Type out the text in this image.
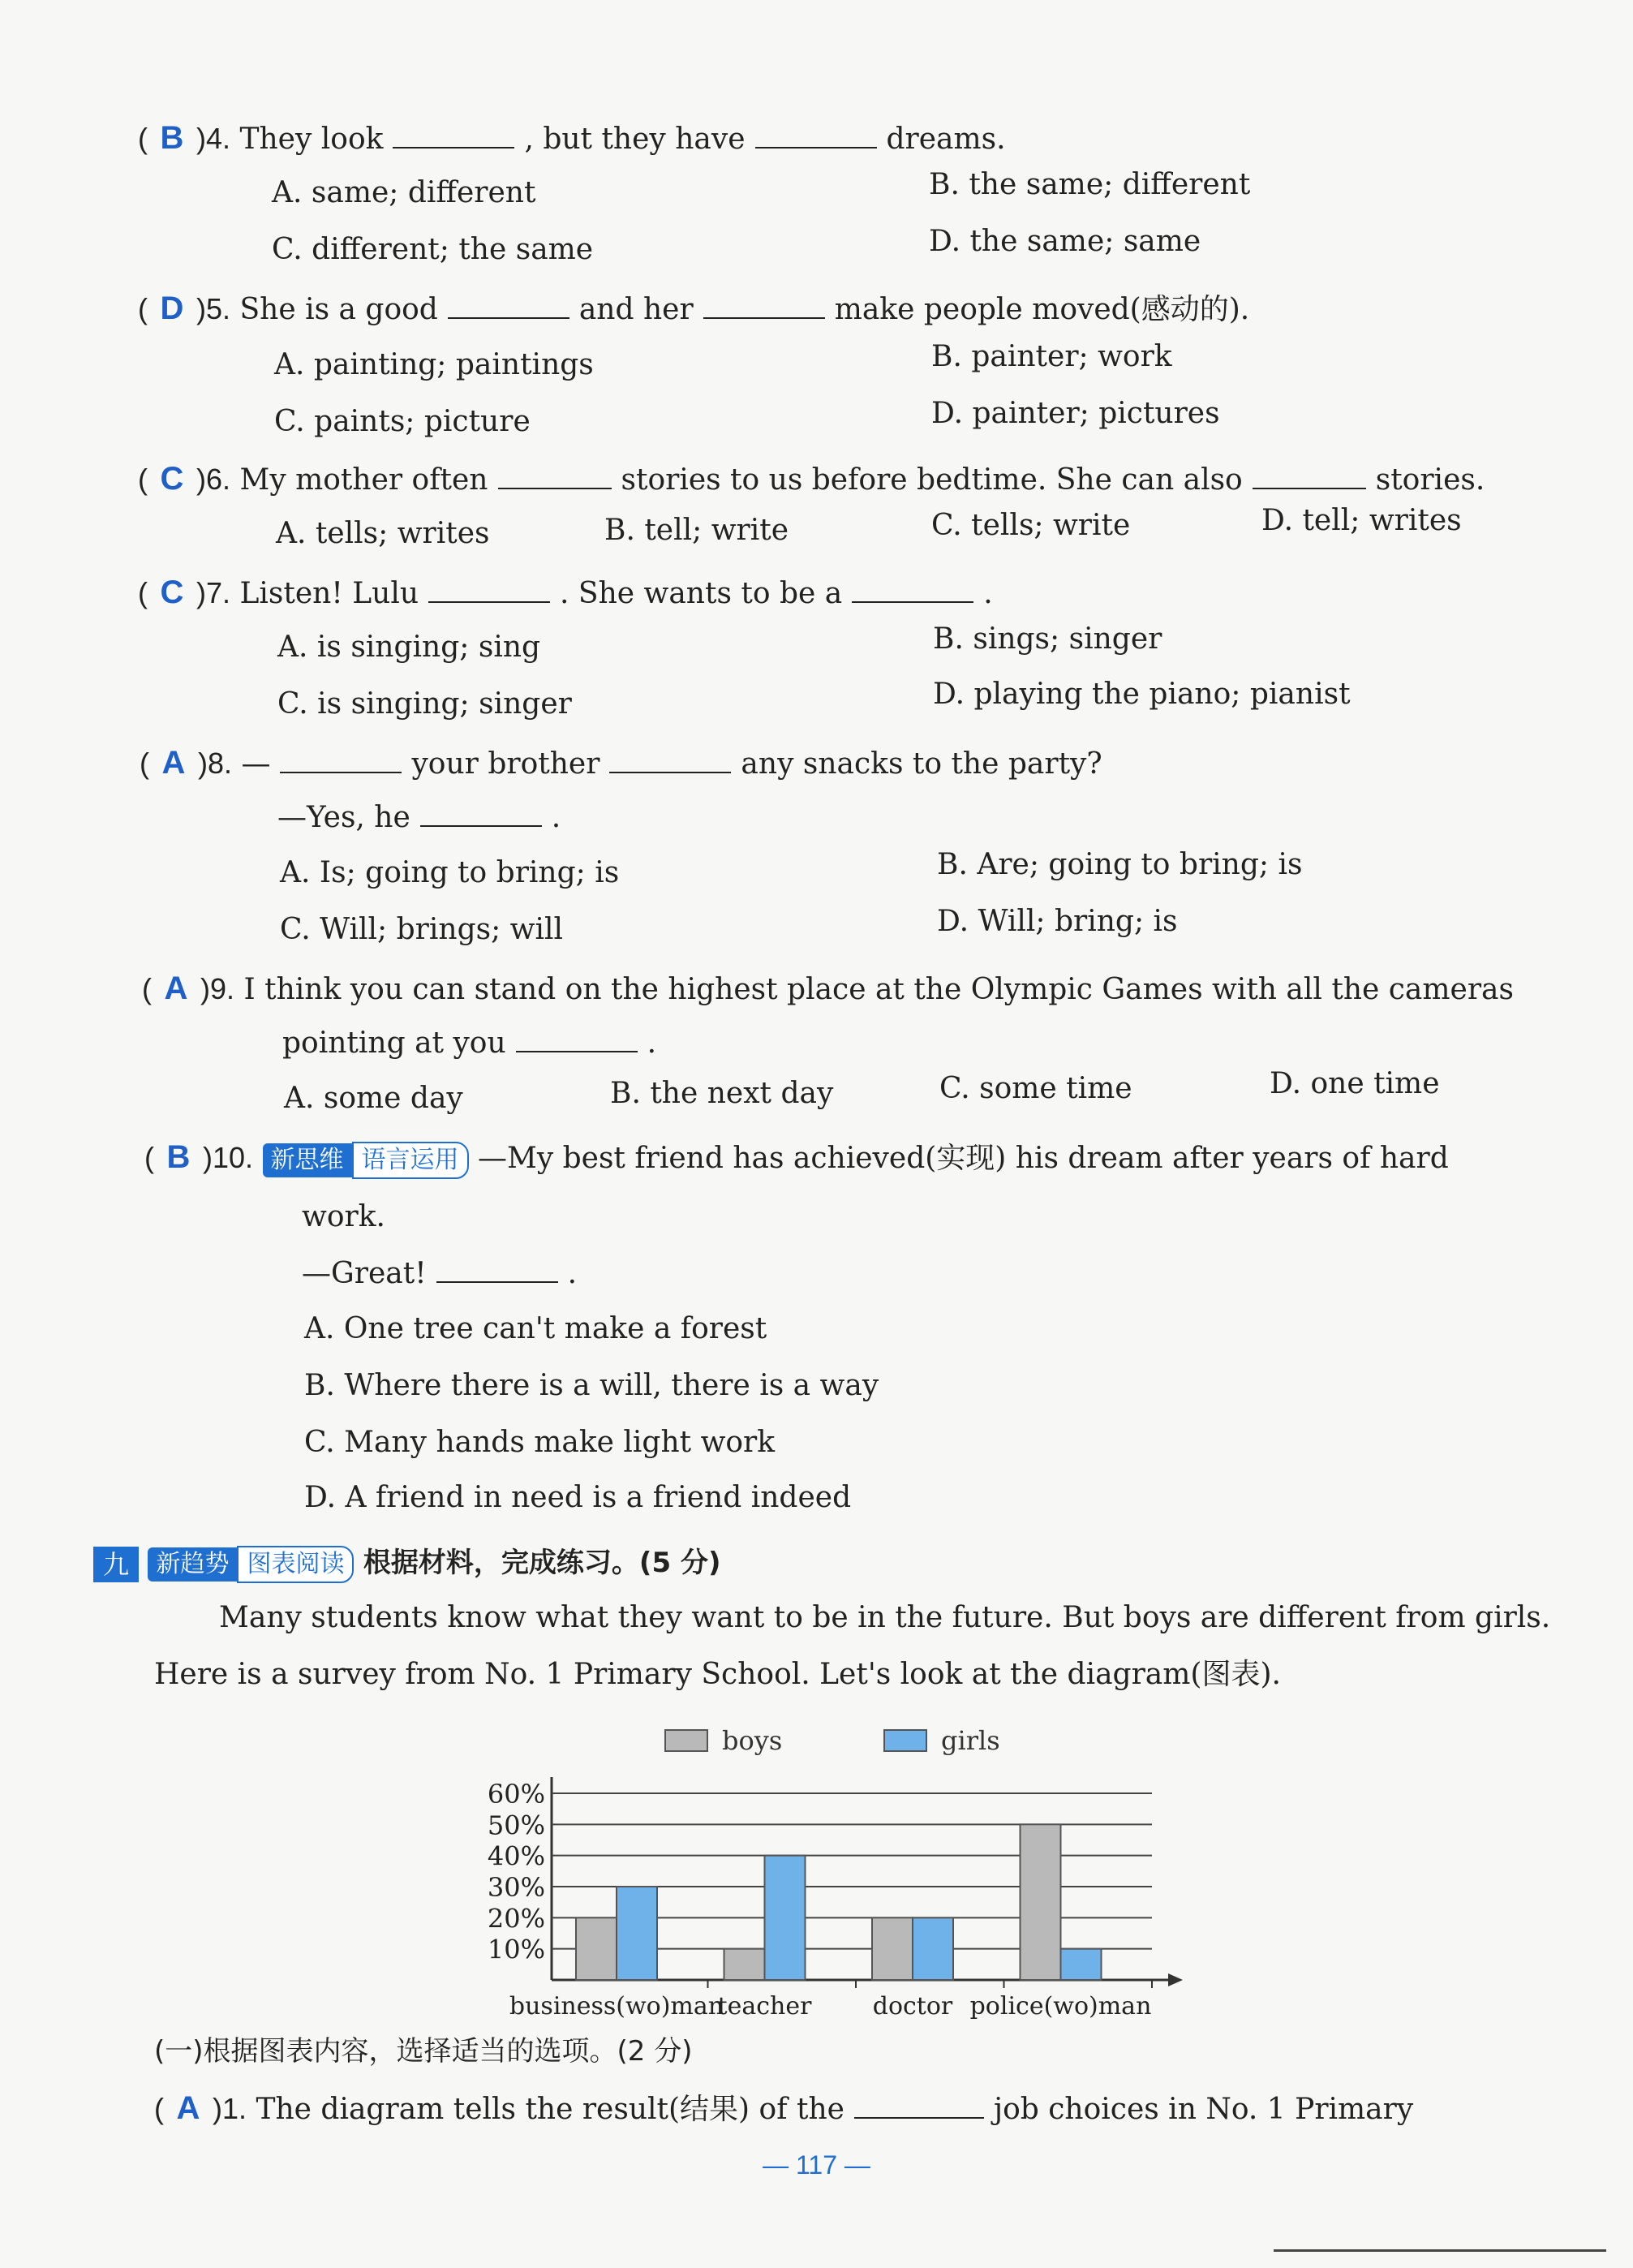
( B )4. They look	, but they have	dreams.
A. same; different	B. the same; different
C. different; the same	D. the same; same
( D )5. She is a good	and her	make people moved(感动的).
A. painting; paintings	B. painter; work
C. paints; picture	D. painter; pictures
( C )6. My mother often	stories to us before bedtime. She can also	stories.
A. tells; writes	B. tell; write	C. tells; write	D. tell; writes
( C )7. Listen! Lulu	. She wants to be a	.
A. is singing; sing	B. sings; singer
C. is singing; singer	D. playing the piano; pianist
( A )8. —	your brother	any snacks to the party?
—Yes, he	.
A. Is; going to bring; is	B. Are; going to bring; is
C. Will; brings; will	D. Will; bring; is
( A )9. I think you can stand on the highest place at the Olympic Games with all the cameras
pointing at you	.
A. some day	B. the next day	C. some time	D. one time
( B )10. 新思维 语言运用 —My best friend has achieved(实现) his dream after years of hard
work.
—Great!	.
A. One tree can't make a forest
B. Where there is a will, there is a way
C. Many hands make light work
D. A friend in need is a friend indeed
九 新趋势 图表阅读 根据材料，完成练习。(5 分)
Many students know what they want to be in the future. But boys are different from girls.
Here is a survey from No. 1 Primary School. Let's look at the diagram(图表).
boys	girls
10%
20%
30%
40%
50%
60%
business(wo)man
teacher	doctor police(wo)man
(一)根据图表内容，选择适当的选项。(2 分)
( A )1. The diagram tells the result(结果) of the	job choices in No. 1 Primary
— 117 —
